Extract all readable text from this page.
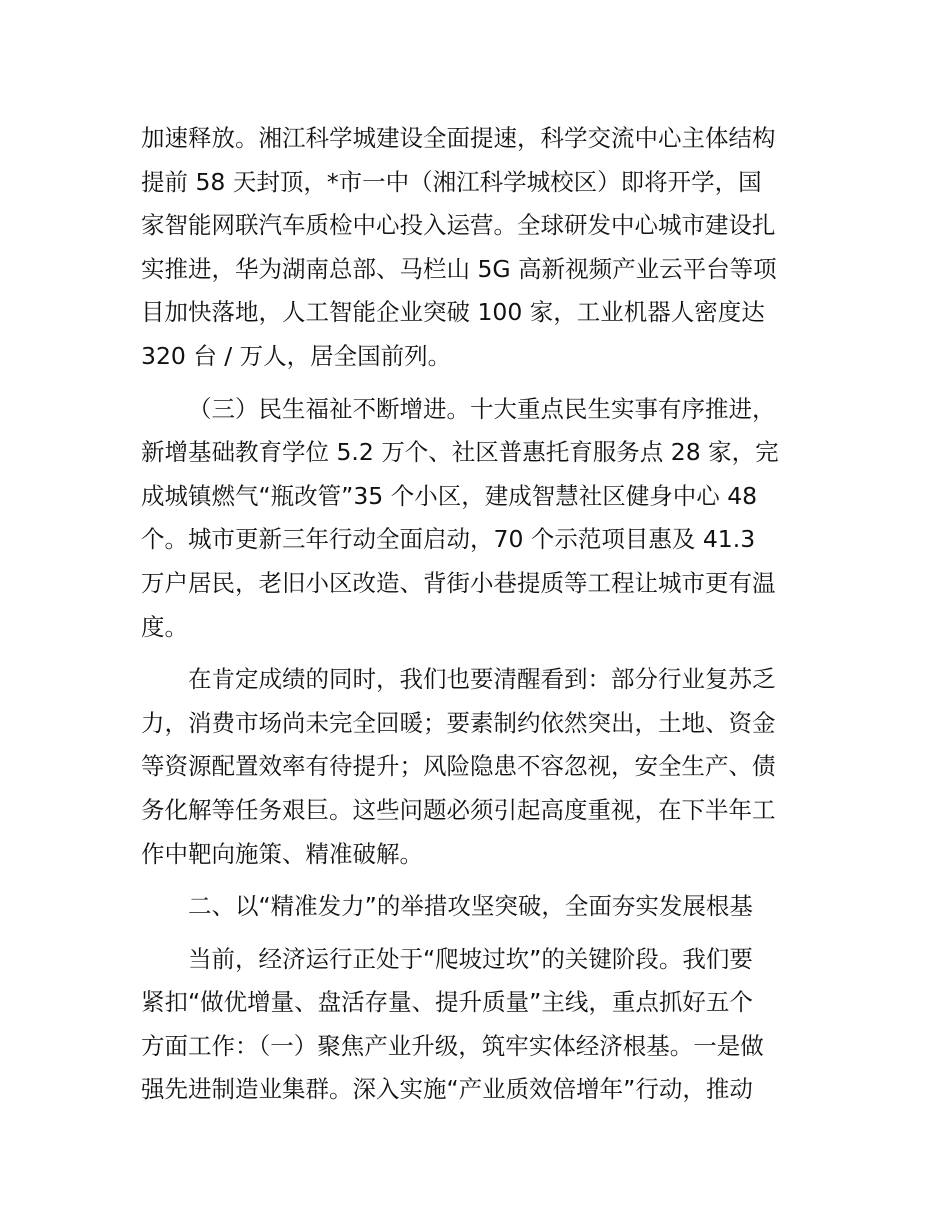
加速释放。湘江科学城建设全面提速，科学交流中心主体结构
提前 58 天封顶，*市一中（湘江科学城校区）即将开学，国
家智能网联汽车质检中心投入运营。全球研发中心城市建设扎
实推进，华为湖南总部、马栏山 5G 高新视频产业云平台等项
目加快落地，人工智能企业突破 100 家，工业机器人密度达
320 台 / 万人，居全国前列。
（三）民生福祉不断增进。十大重点民生实事有序推进，
新增基础教育学位 5.2 万个、社区普惠托育服务点 28 家，完
成城镇燃气“瓶改管”35 个小区，建成智慧社区健身中心 48
个。城市更新三年行动全面启动，70 个示范项目惠及 41.3
万户居民，老旧小区改造、背街小巷提质等工程让城市更有温
度。
在肯定成绩的同时，我们也要清醒看到：部分行业复苏乏
力，消费市场尚未完全回暖；要素制约依然突出，土地、资金
等资源配置效率有待提升；风险隐患不容忽视，安全生产、债
务化解等任务艰巨。这些问题必须引起高度重视，在下半年工
作中靶向施策、精准破解。
二、以“精准发力”的举措攻坚突破，全面夯实发展根基
当前，经济运行正处于“爬坡过坎”的关键阶段。我们要
紧扣“做优增量、盘活存量、提升质量”主线，重点抓好五个
方面工作：（一）聚焦产业升级，筑牢实体经济根基。一是做
强先进制造业集群。深入实施“产业质效倍增年”行动，推动
